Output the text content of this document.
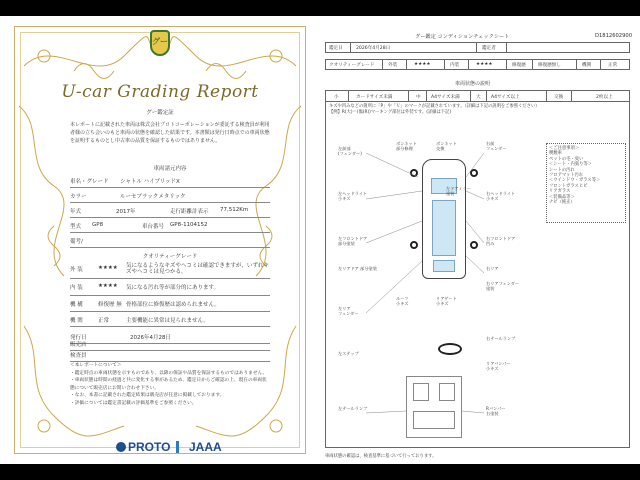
グー
U-car Grading Report
グー鑑定証
本レポートに記載された車両は株式会社プロトコーポレーションが委託する検査員が利用者様の立ち会いのもと車両の状態を確認した結果です。本書類は発行日時点での車両状態を証明するものとし中古車の品質を保証するものではありません。
車両諸元内容
車名・グレード シャトル ハイブリッドX
カラー	ルーセブラックメタリック
年式	2017年	走行距離計表示 77,512Km
型式 GP8	車台番号 GP8-1104152
備考/
クオリティーグレード
外 装	★★★★ 気になるようなキズやヘコミは確認できますが、いずれキズやヘコミは見つかる。
内 装	★★★★ 気になる汚れ等が部分的にあります。
機 構	修復歴 無 骨格部位に修復歴は認められません。
機 関	正常	主要機能に異常は見られません。
発行日	2026年4月28日
販売店
検査員
＜本レポートについて＞
・鑑定時点の車両状態を示すものであり、以降の保証や品質を保証するものではありません。
・車両状態は時間の経過と共に変化する事があるため、鑑定日からご確認の上、現在の車両状態について販売店にお問い合わせ下さい。
・なお、本書に記載された鑑定結果は販売店が任意に掲載しております。
・評価については鑑定書記載の評価基準をご参照ください。
PROTO	JAAA
グー鑑定 コンディションチェックシート	D1812602900
鑑定日	2026年4月28日	鑑定者
クオリティーグレード	外装	★★★★	内装	★★★★	修復歴	修復歴無し	機関	正常
車両状態の説明
小	カードサイズ未満	中 A4サイズ未満	大 A4サイズ以上	交換	2枚以上
キズや凹みなどの箇所に「P」や「Ｖ」のマークが記載されています。（詳細は下記の説明をご参照ください）
【例】R(大)＝(傷(R))マーキング部位は外装です。(詳細は下記)
左前部
(フェンダー)
左ヘッドライト
小キズ
左フロントドア
部分塗装
左リアドア 部分塗装
左リア
フェンダー
左ステップ
左テールランプ
ボンネット
部分修理
ボンネット
交換
ルーフ
小キズ
リアゲート
小キズ
右前
フェンダー
右ヘッドライト
小キズ
右フロントドア
凹み
右リア
右リアフェンダー
塗装
右テールランプ
リアバンパー
小キズ
Rバンパー
右塗装
左ドアミラー
塗装
＜ご注意事項＞
喫煙車
ペットの毛・臭い
＜シート・内張り等＞
シートの汚れ
フロアマット汚れ
＜ウインドウ・ガラス等＞
フロントガラスヒビ
リアガラス
＜装備品等＞
ナビ（純正）
車両状態の確認は、検査基準に基づいて行っております。
